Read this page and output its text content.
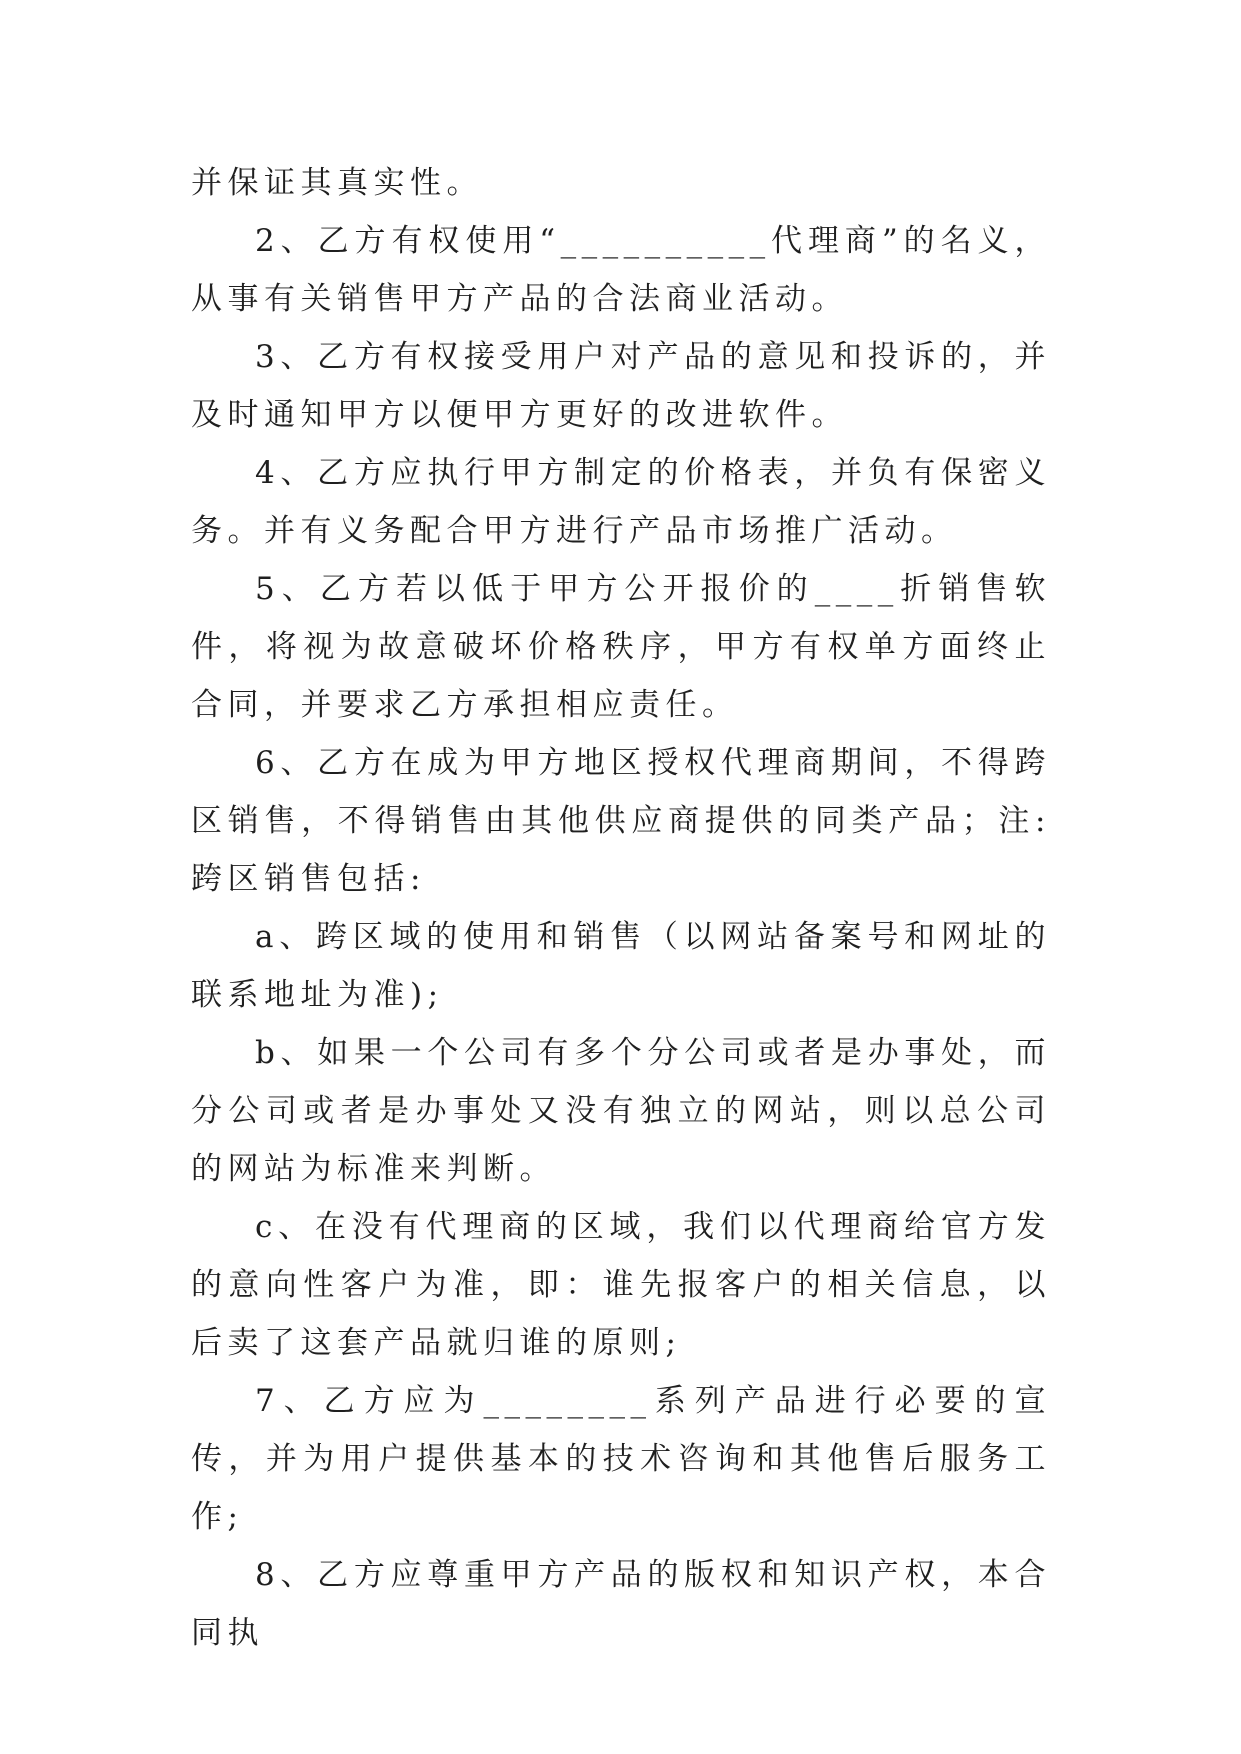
并保证其真实性。

2、乙方有权使用“__________代理商”的名义，从事有关销售甲方产品的合法商业活动。

3、乙方有权接受用户对产品的意见和投诉的，并及时通知甲方以便甲方更好的改进软件。

4、乙方应执行甲方制定的价格表，并负有保密义务。并有义务配合甲方进行产品市场推广活动。

5、乙方若以低于甲方公开报价的____折销售软件，将视为故意破坏价格秩序，甲方有权单方面终止合同，并要求乙方承担相应责任。

6、乙方在成为甲方地区授权代理商期间，不得跨区销售，不得销售由其他供应商提供的同类产品；注:跨区销售包括:

a、跨区域的使用和销售（以网站备案号和网址的联系地址为准);

b、如果一个公司有多个分公司或者是办事处，而分公司或者是办事处又没有独立的网站，则以总公司的网站为标准来判断。

c、在没有代理商的区域，我们以代理商给官方发的意向性客户为准，即：谁先报客户的相关信息，以后卖了这套产品就归谁的原则;

7、乙方应为________系列产品进行必要的宣传，并为用户提供基本的技术咨询和其他售后服务工作;

8、乙方应尊重甲方产品的版权和知识产权，本合同执
